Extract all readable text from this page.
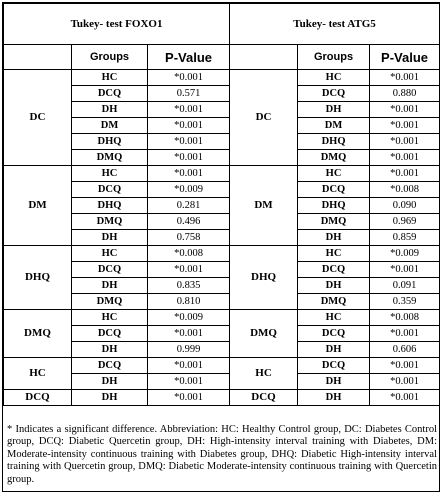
Tukey- test FOXO1			Tukey- test ATG5		
	Groups	P-Value		Groups	P-Value
DC	HC	*0.001	DC	HC	*0.001
	DCQ	0.571		DCQ	0.880
	DH	*0.001		DH	*0.001
	DM	*0.001		DM	*0.001
	DHQ	*0.001		DHQ	*0.001
	DMQ	*0.001		DMQ	*0.001
DM	HC	*0.001	DM	HC	*0.001
	DCQ	*0.009		DCQ	*0.008
	DHQ	0.281		DHQ	0.090
	DMQ	0.496		DMQ	0.969
	DH	0.758		DH	0.859
DHQ	HC	*0.008	DHQ	HC	*0.009
	DCQ	*0.001		DCQ	*0.001
	DH	0.835		DH	0.091
	DMQ	0.810		DMQ	0.359
DMQ	HC	*0.009	DMQ	HC	*0.008
	DCQ	*0.001		DCQ	*0.001
	DH	0.999		DH	0.606
HC	DCQ	*0.001	HC	DCQ	*0.001
	DH	*0.001		DH	*0.001
DCQ	DH	*0.001	DCQ	DH	*0.001
* Indicates a significant difference. Abbreviation: HC: Healthy Control group, DC: Diabetes Control group, DCQ: Diabetic Quercetin group, DH: High-intensity interval training with Diabetes, DM: Moderate-intensity continuous training with Diabetes group, DHQ: Diabetic High-intensity interval training with Quercetin group, DMQ: Diabetic Moderate-intensity continuous training with Quercetin group.
